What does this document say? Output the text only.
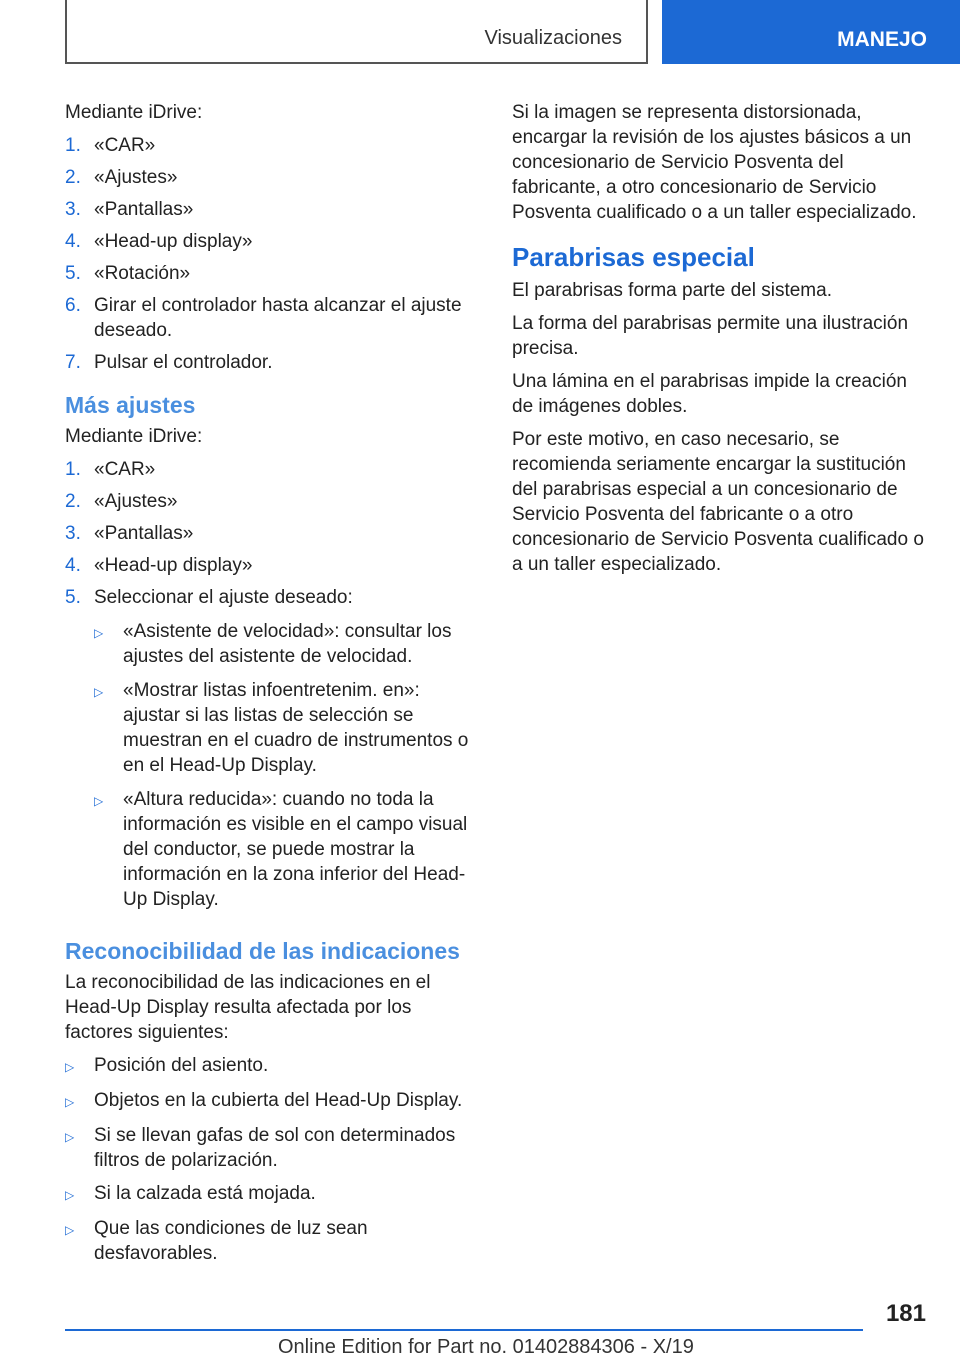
Visualizaciones	MANEJO

Mediante iDrive:

1. «CAR»
2. «Ajustes»
3. «Pantallas»
4. «Head-up display»
5. «Rotación»
6. Girar el controlador hasta alcanzar el ajuste deseado.
7. Pulsar el controlador.
Más ajustes

Mediante iDrive:

1. «CAR»
2. «Ajustes»
3. «Pantallas»
4. «Head-up display»
5. Seleccionar el ajuste deseado:
▷	«Asistente de velocidad»: consultar los ajustes del asistente de velocidad.
▷	«Mostrar listas infoentretenim. en»: ajustar si las listas de selección se muestran en el cuadro de instrumentos o en el Head-Up Display.
▷	«Altura reducida»: cuando no toda la información es visible en el campo visual del conductor, se puede mostrar la información en la zona inferior del Head-Up Display.
Reconocibilidad de las indicaciones

La reconocibilidad de las indicaciones en el Head-Up Display resulta afectada por los factores siguientes:

▷	Posición del asiento.
▷	Objetos en la cubierta del Head-Up Display.
▷	Si se llevan gafas de sol con determinados filtros de polarización.
▷	Si la calzada está mojada.
▷	Que las condiciones de luz sean desfavorables.

Si la imagen se representa distorsionada, encargar la revisión de los ajustes básicos a un concesionario de Servicio Posventa del fabricante, a otro concesionario de Servicio Posventa cualificado o a un taller especializado.

Parabrisas especial

El parabrisas forma parte del sistema.

La forma del parabrisas permite una ilustración precisa.

Una lámina en el parabrisas impide la creación de imágenes dobles.

Por este motivo, en caso necesario, se recomienda seriamente encargar la sustitución del parabrisas especial a un concesionario de Servicio Posventa del fabricante o a otro concesionario de Servicio Posventa cualificado o a un taller especializado.

181
Online Edition for Part no. 01402884306 - X/19
